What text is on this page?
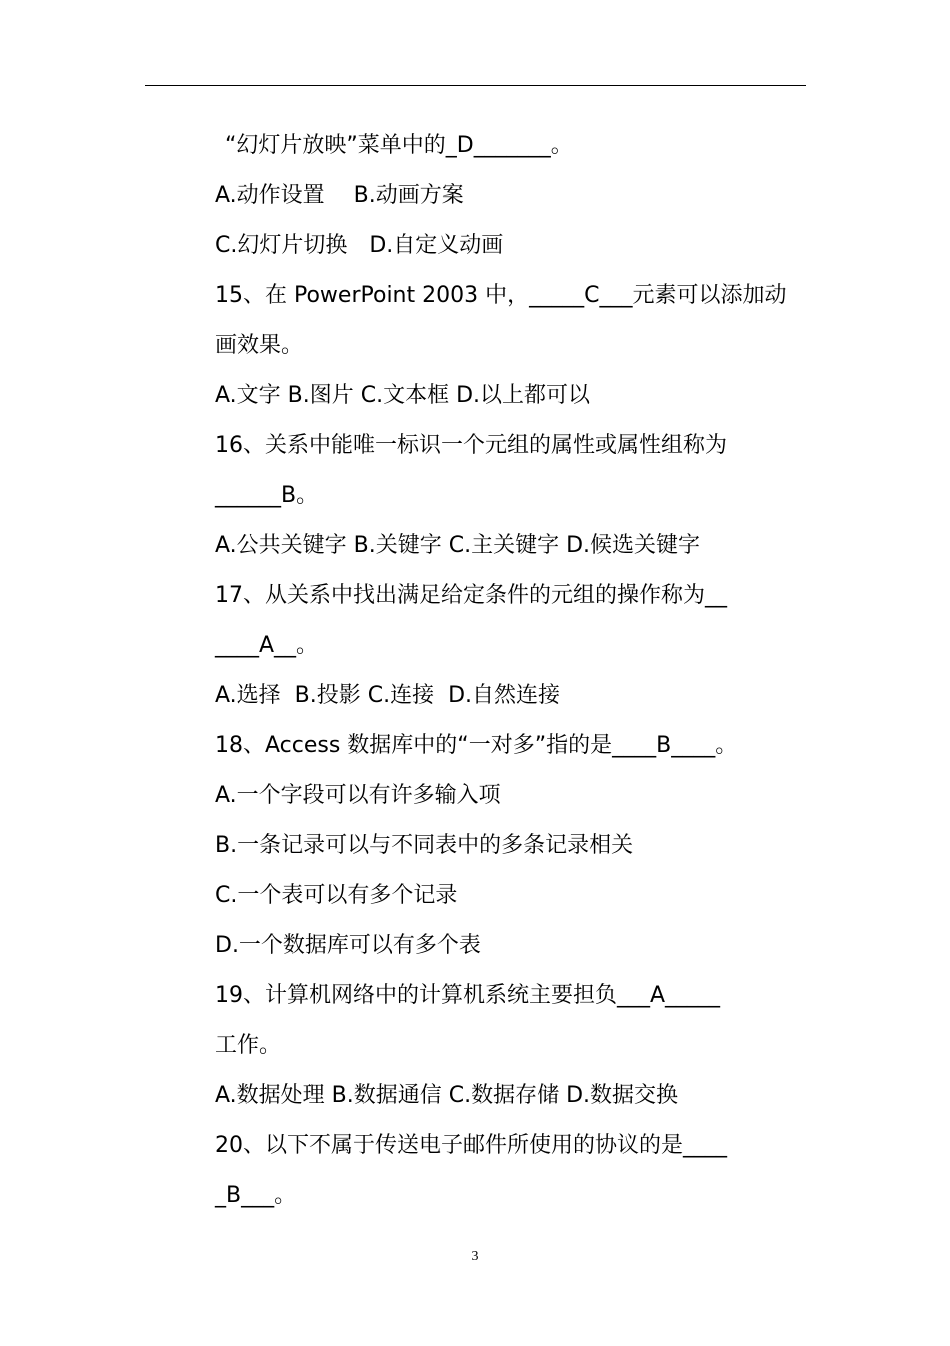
“幻灯片放映”菜单中的_D_______。
A.动作设置　 B.动画方案
C.幻灯片切换　D.自定义动画
15、在 PowerPoint 2003 中，_____C___元素可以添加动
画效果。
A.文字 B.图片 C.文本框 D.以上都可以
16、关系中能唯一标识一个元组的属性或属性组称为
______B。
A.公共关键字 B.关键字 C.主关键字 D.候选关键字
17、从关系中找出满足给定条件的元组的操作称为__
____A__。
A.选择  B.投影 C.连接  D.自然连接
18、Access 数据库中的“一对多”指的是____B____。
A.一个字段可以有许多输入项
B.一条记录可以与不同表中的多条记录相关
C.一个表可以有多个记录
D.一个数据库可以有多个表
19、计算机网络中的计算机系统主要担负___A_____
工作。
A.数据处理 B.数据通信 C.数据存储 D.数据交换
20、以下不属于传送电子邮件所使用的协议的是____
_B___。
3
